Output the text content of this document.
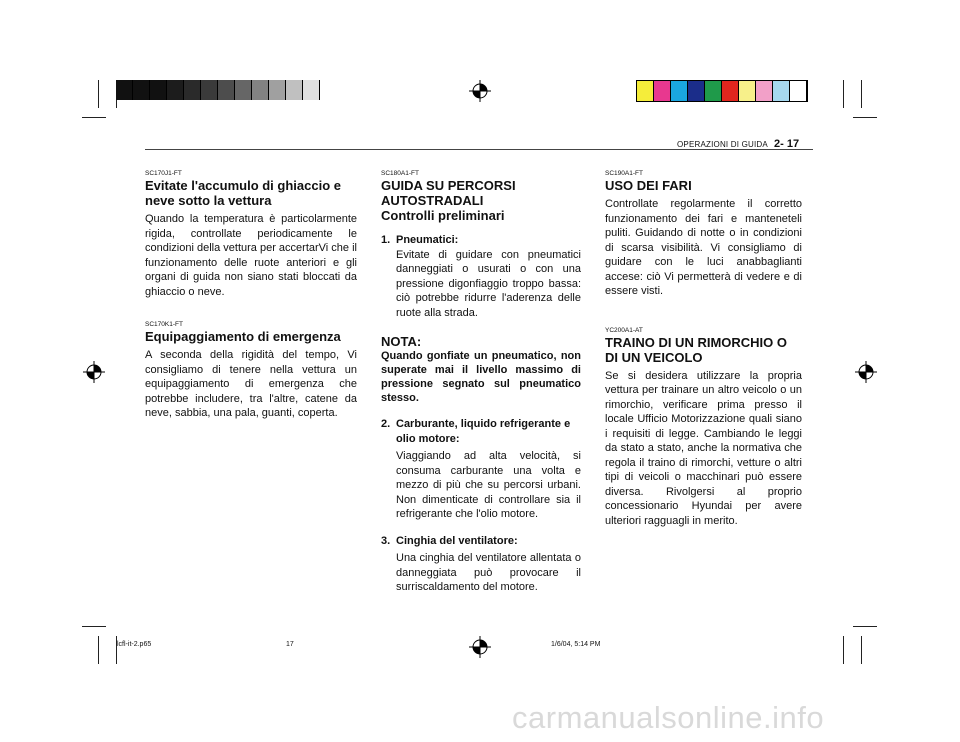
OPERAZIONI DI GUIDA 2- 17
SC170J1-FT
Evitate l'accumulo di ghiaccio e neve sotto la vettura
Quando la temperatura è particolarmente rigida, controllate periodicamente le condizioni della vettura per accertarVi che il funzionamento delle ruote anteriori e gli organi di guida non siano stati bloccati da ghiaccio o neve.
SC170K1-FT
Equipaggiamento di emergenza
A seconda della rigidità del tempo, Vi consigliamo di tenere nella vettura un equipaggiamento di emergenza che potrebbe includere, tra l'altre, catene da neve, sabbia, una pala, guanti, coperta.
SC180A1-FT
GUIDA SU PERCORSI AUTOSTRADALI
Controlli preliminari
1. Pneumatici:
Evitate di guidare con pneumatici danneggiati o usurati o con una pressione digonfiaggio troppo bassa: ciò potrebbe ridurre l'aderenza delle ruote alla strada.
NOTA:
Quando gonfiate un pneumatico, non superate mai il livello massimo di pressione segnato sul pneumatico stesso.
2. Carburante, liquido refrigerante e olio motore:
Viaggiando ad alta velocità, si consuma carburante una volta e mezzo di più che su percorsi urbani. Non dimenticate di controllare sia il refrigerante che l'olio motore.
3. Cinghia del ventilatore:
Una cinghia del ventilatore allentata o danneggiata può provocare il surriscaldamento del motore.
SC190A1-FT
USO DEI FARI
Controllate regolarmente il corretto funzionamento dei fari e manteneteli puliti. Guidando di notte o in condizioni di scarsa visibilità. Vi consigliamo di guidare con le luci anabbaglianti accese: ciò Vi permetterà di vedere e di essere visti.
YC200A1-AT
TRAINO DI UN RIMORCHIO O DI UN VEICOLO
Se si desidera utilizzare la propria vettura per trainare un altro veicolo o un rimorchio, verificare prima presso il locale Ufficio Motorizzazione quali siano i requisiti di legge. Cambiando le leggi da stato a stato, anche la normativa che regola il traino di rimorchi, vetture o altri tipi di veicoli o macchinari può essere diversa. Rivolgersi al proprio concessionario Hyundai per avere ulteriori ragguagli in merito.
lcfl-it-2.p65	17	1/6/04, 5:14 PM
carmanualsonline.info
